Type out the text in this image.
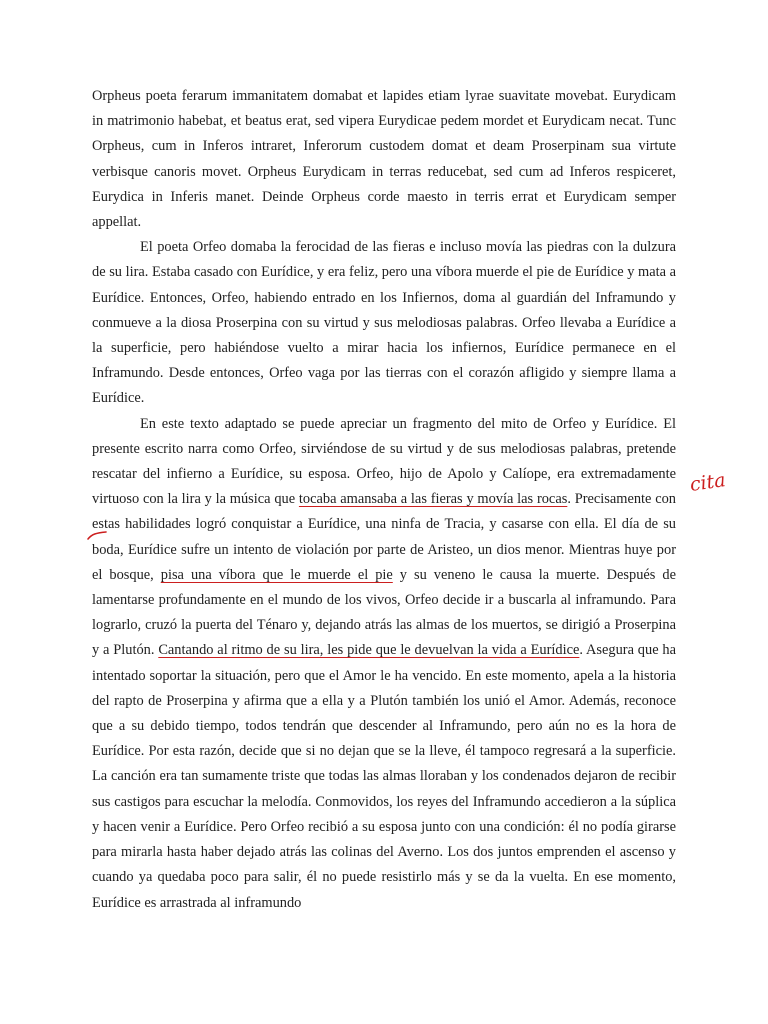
Orpheus poeta ferarum immanitatem domabat et lapides etiam lyrae suavitate movebat. Eurydicam in matrimonio habebat, et beatus erat, sed vipera Eurydicae pedem mordet et Eurydicam necat. Tunc Orpheus, cum in Inferos intraret, Inferorum custodem domat et deam Proserpinam sua virtute verbisque canoris movet. Orpheus Eurydicam in terras reducebat, sed cum ad Inferos respiceret, Eurydica in Inferis manet. Deinde Orpheus corde maesto in terris errat et Eurydicam semper appellat.

El poeta Orfeo domaba la ferocidad de las fieras e incluso movía las piedras con la dulzura de su lira. Estaba casado con Eurídice, y era feliz, pero una víbora muerde el pie de Eurídice y mata a Eurídice. Entonces, Orfeo, habiendo entrado en los Infiernos, doma al guardián del Inframundo y conmueve a la diosa Proserpina con su virtud y sus melodiosas palabras. Orfeo llevaba a Eurídice a la superficie, pero habiéndose vuelto a mirar hacia los infiernos, Eurídice permanece en el Inframundo. Desde entonces, Orfeo vaga por las tierras con el corazón afligido y siempre llama a Eurídice.

En este texto adaptado se puede apreciar un fragmento del mito de Orfeo y Eurídice. El presente escrito narra como Orfeo, sirviéndose de su virtud y de sus melodiosas palabras, pretende rescatar del infierno a Eurídice, su esposa. Orfeo, hijo de Apolo y Calíope, era extremadamente virtuoso con la lira y la música que tocaba amansaba a las fieras y movía las rocas. Precisamente con estas habilidades logró conquistar a Eurídice, una ninfa de Tracia, y casarse con ella. El día de su boda, Eurídice sufre un intento de violación por parte de Aristeo, un dios menor. Mientras huye por el bosque, pisa una víbora que le muerde el pie y su veneno le causa la muerte. Después de lamentarse profundamente en el mundo de los vivos, Orfeo decide ir a buscarla al inframundo. Para lograrlo, cruzó la puerta del Ténaro y, dejando atrás las almas de los muertos, se dirigió a Proserpina y a Plutón. Cantando al ritmo de su lira, les pide que le devuelvan la vida a Eurídice. Asegura que ha intentado soportar la situación, pero que el Amor le ha vencido. En este momento, apela a la historia del rapto de Proserpina y afirma que a ella y a Plutón también los unió el Amor. Además, reconoce que a su debido tiempo, todos tendrán que descender al Inframundo, pero aún no es la hora de Eurídice. Por esta razón, decide que si no dejan que se la lleve, él tampoco regresará a la superficie. La canción era tan sumamente triste que todas las almas lloraban y los condenados dejaron de recibir sus castigos para escuchar la melodía. Conmovidos, los reyes del Inframundo accedieron a la súplica y hacen venir a Eurídice. Pero Orfeo recibió a su esposa junto con una condición: él no podía girarse para mirarla hasta haber dejado atrás las colinas del Averno. Los dos juntos emprenden el ascenso y cuando ya quedaba poco para salir, él no puede resistirlo más y se da la vuelta. En ese momento, Eurídice es arrastrada al inframundo

cita
